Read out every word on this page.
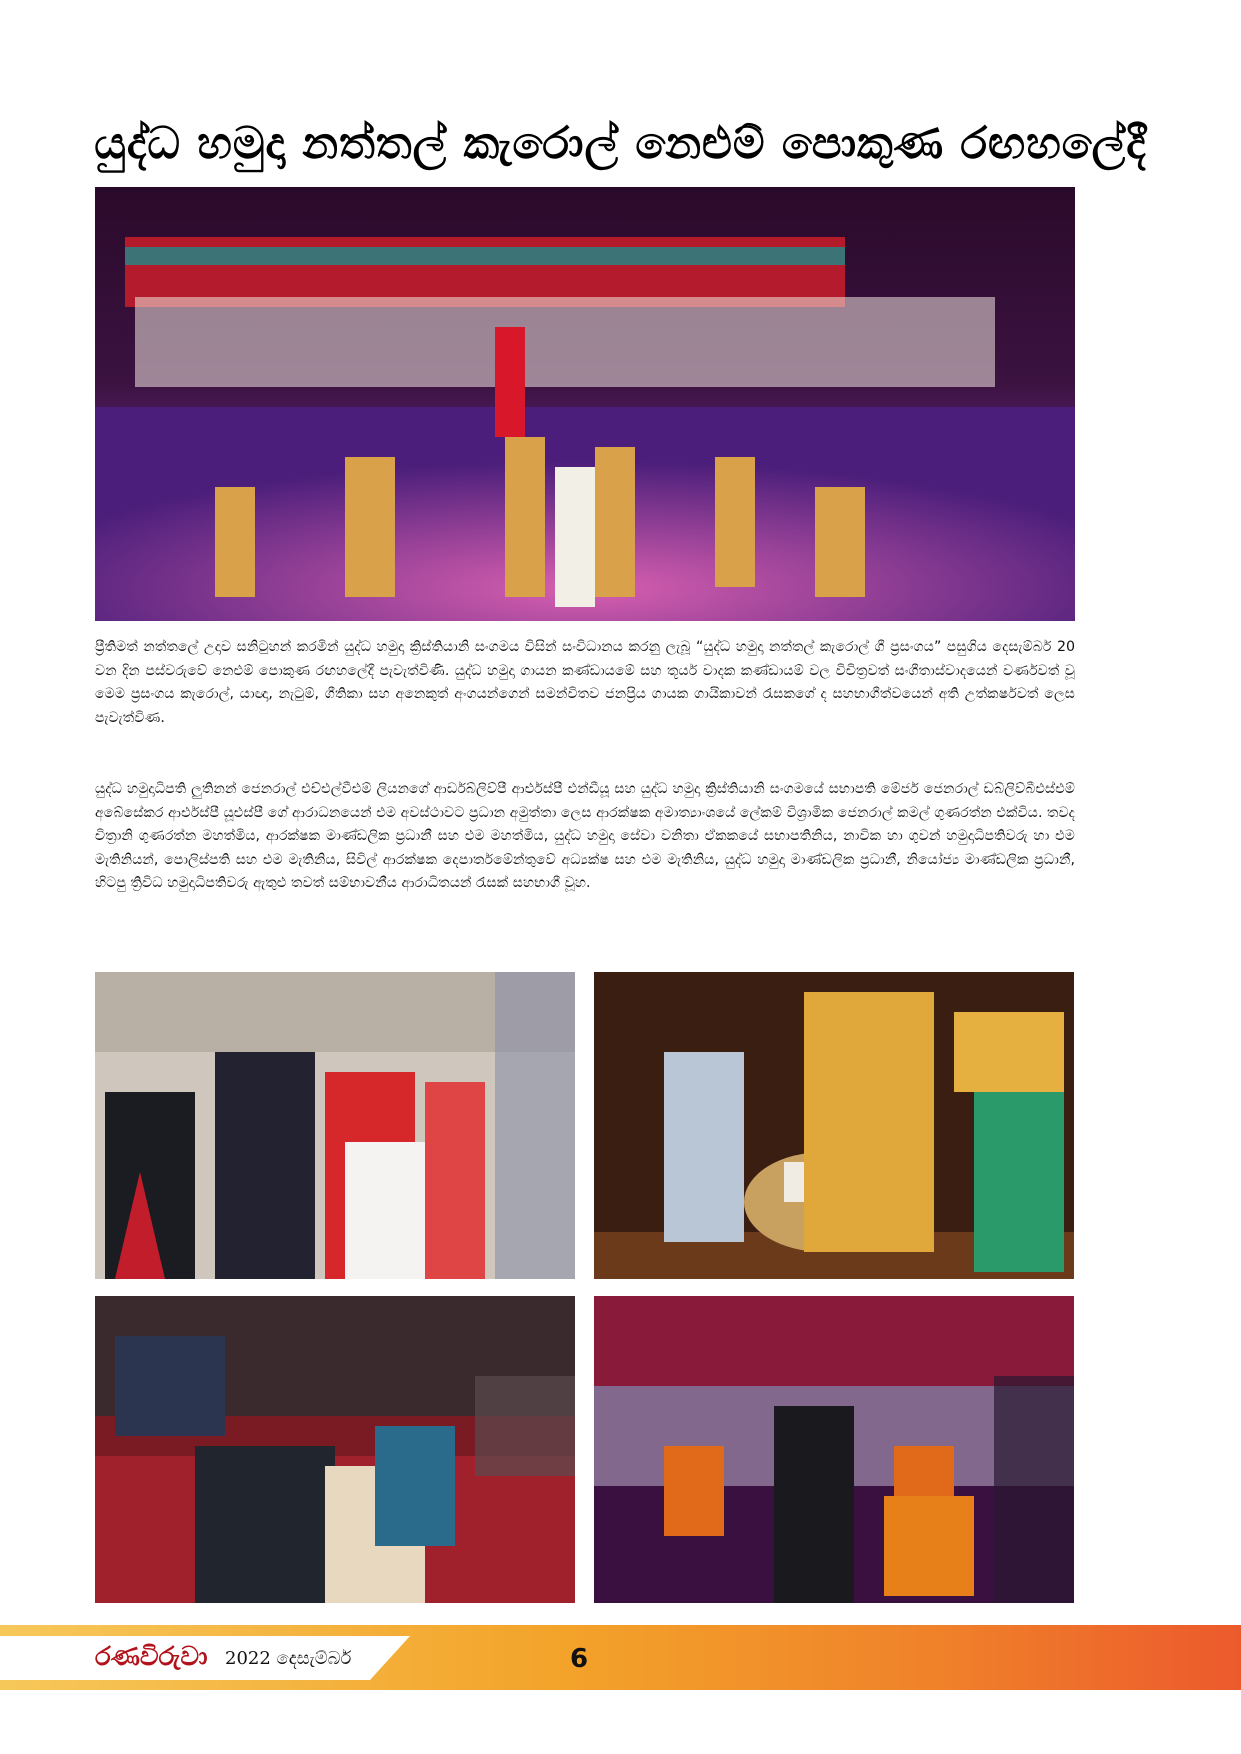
යුද්ධ හමුදා නත්තල් කැරොල් නෙළුම් පොකුණ රඟහලේදී

ප්‍රීතිමත් නත්තලේ උදාව සනිටුහන් කරමින් යුද්ධ හමුදා ක්‍රිස්තියානි සංගමය විසින් සංවිධානය කරනු ලැබූ “යුද්ධ හමුදා නත්තල් කැරොල් ගී ප්‍රසංගය” පසුගිය දෙසැම්බර් 20 වන දින පස්වරුවේ නෙළුම් පොකුණ රඟහලේදී පැවැත්විණි. යුද්ධ හමුදා ගායන කණ්ඩායමේ සහ තූර්ය වාදක කණ්ඩායම් වල විචිත්‍රවත් සංගීතාස්වාදයෙන් වර්ණවත් වූ මෙම ප්‍රසංගය කැරොල්, යාඥා, නැටුම්, ගීතිකා සහ අනෙකුත් අංගයන්ගෙන් සමන්විතව ජනප්‍රිය ගායක ගායිකාවන් රැසකගේ ද සහභාගීත්වයෙන් අති උත්කර්ෂවත් ලෙස පැවැත්විණ.

යුද්ධ හමුදාධිපති ලුතිනන් ජෙනරාල් එච්එල්වීඑම් ලියනගේ ආර්ඩබ්ලිව්පී ආර්එස්පී එන්ඩීයූ සහ යුද්ධ හමුදා ක්‍රිස්තියානි සංගමයේ සභාපති මේජර් ජෙනරාල් ඩබ්ලිව්බීඑස්එම් අබේසේකර ආර්එස්පී යූඑස්පී ගේ ආරාධනයෙන් එම අවස්ථාවට ප්‍රධාන අමුත්තා ලෙස ආරක්ෂක අමාත්‍යාංශයේ ලේකම් විශ්‍රාමික ජෙනරාල් කමල් ගුණරත්න එක්විය. තවද චිත්‍රානි ගුණරත්න මහත්මිය, ආරක්ෂක මාණ්ඩලික ප්‍රධානී සහ එම මහත්මිය, යුද්ධ හමුදා සේවා වනිතා ඒකකයේ සභාපතිනිය, නාවික හා ගුවන් හමුදාධිපතිවරු හා එම මැතිනියන්, පොලිස්පති සහ එම මැතිනිය, සිවිල් ආරක්ෂක දෙපාර්තමේන්තුවේ අධ්‍යක්ෂ සහ එම මැතිනිය, යුද්ධ හමුදා මාණ්ඩලික ප්‍රධානී, නියෝජ්‍ය මාණ්ඩලික ප්‍රධානී, හිටපු ත්‍රිවිධ හමුදාධිපතිවරු ඇතුළු තවත් සම්භාවනීය ආරාධිතයන් රැසක් සහභාගී වූහ.

රණවිරුවා 2022 දෙසැම්බර්	6
